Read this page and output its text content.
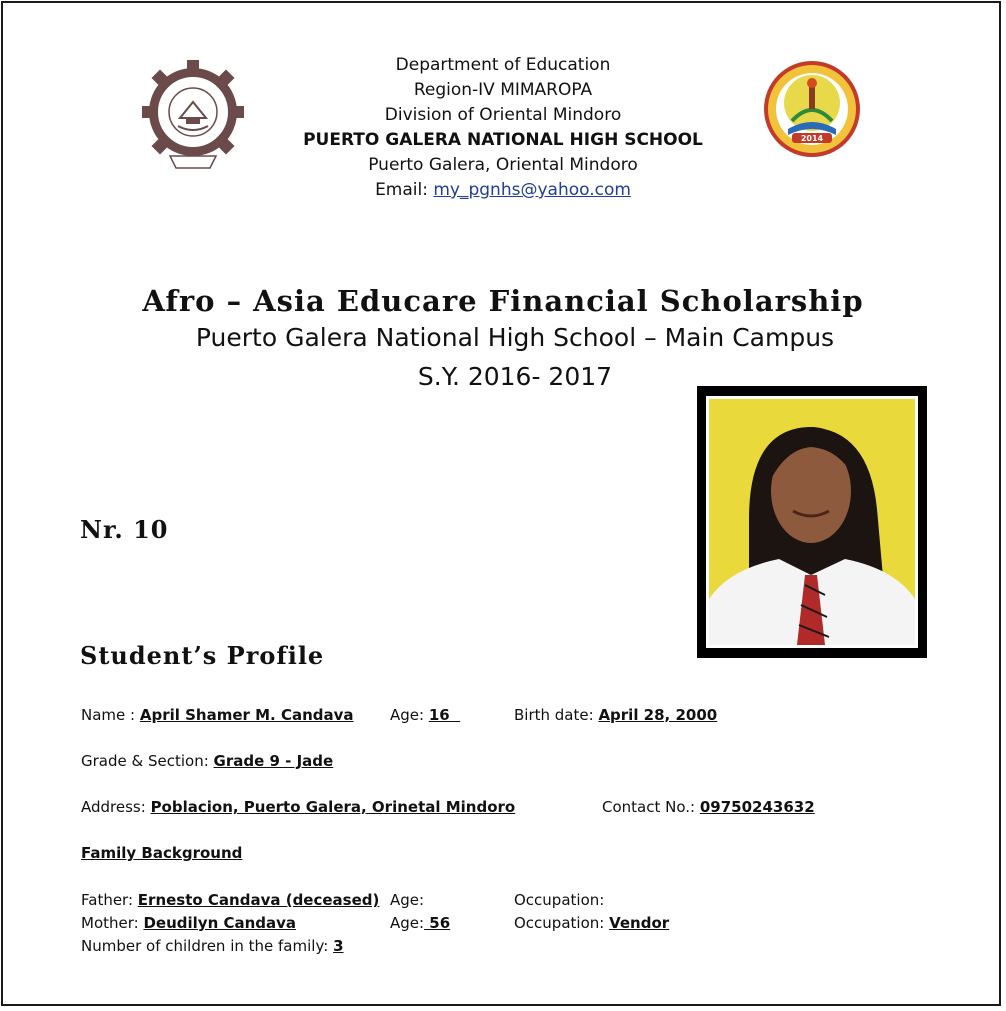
2014
Department of Education
Region-IV MIMAROPA
Division of Oriental Mindoro
PUERTO GALERA NATIONAL HIGH SCHOOL
Puerto Galera, Oriental Mindoro
Email: my_pgnhs@yahoo.com
Afro – Asia Educare Financial Scholarship
Puerto Galera National High School – Main Campus
S.Y. 2016- 2017
Nr. 10
Student’s Profile
Name : April Shamer M. Candava Age: 16	Birth date: April 28, 2000
Grade & Section: Grade 9 - Jade
Address: Poblacion, Puerto Galera, Orinetal Mindoro	Contact No.: 09750243632
Family Background
Father: Ernesto Candava (deceased) Age:	Occupation:
Mother: Deudilyn Candava	Age: 56	Occupation: Vendor
Number of children in the family: 3
